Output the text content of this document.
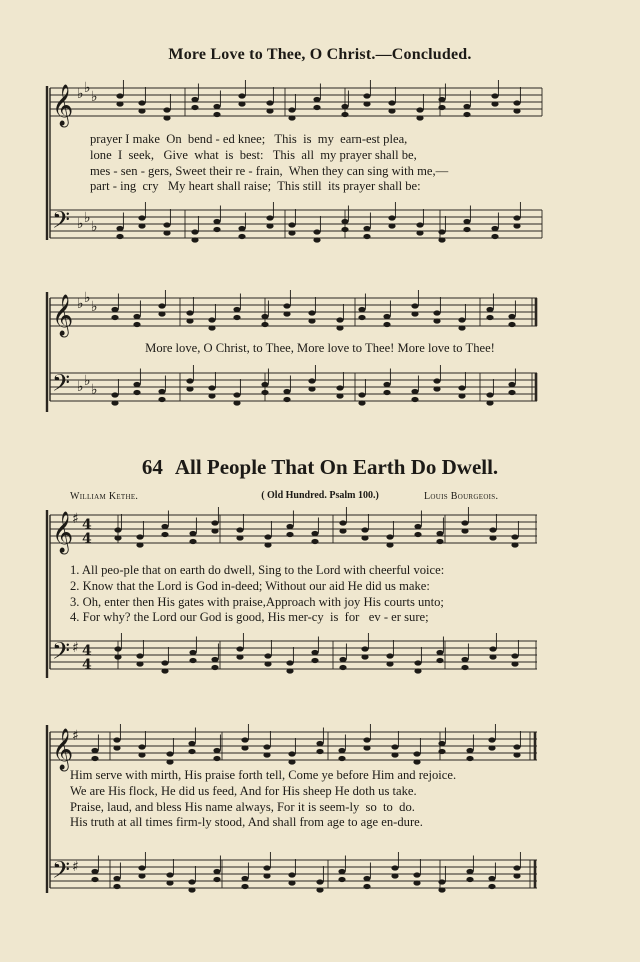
More Love to Thee, O Christ.—Concluded.
𝄞
𝄢
♭ ♭
♭
♭ ♭
♭
𝄞
𝄢
♭ ♭
♭
♭ ♭
♭
𝄞
♯ 4
4
𝄢 ♯ 4
4
𝄞
♯
𝄢 ♯
prayer I make  On  bend - ed knee;   This  is  my  earn-est plea,
lone  I  seek,   Give  what  is  best:   This  all  my prayer shall be,
mes - sen - gers, Sweet their re - frain,  When they can sing with me,—
part - ing  cry   My heart shall raise;  This still  its prayer shall be:
More love, O Christ, to Thee, More love to Thee! More love to Thee!
64 All People That On Earth Do Dwell.
( Old Hundred. Psalm 100.)
William Kethe.	Louis Bourgeois.
1. All peo-ple that on earth do dwell, Sing to the Lord with cheerful voice:
2. Know that the Lord is God in-deed; Without our aid He did us make:
3. Oh, enter then His gates with praise,Approach with joy His courts unto;
4. For why? the Lord our God is good, His mer-cy  is  for   ev - er sure;
Him serve with mirth, His praise forth tell, Come ye before Him and rejoice.
We are His flock, He did us feed, And for His sheep He doth us take.
Praise, laud, and bless His name always, For it is seem-ly  so  to  do.
His truth at all times firm-ly stood, And shall from age to age en-dure.
